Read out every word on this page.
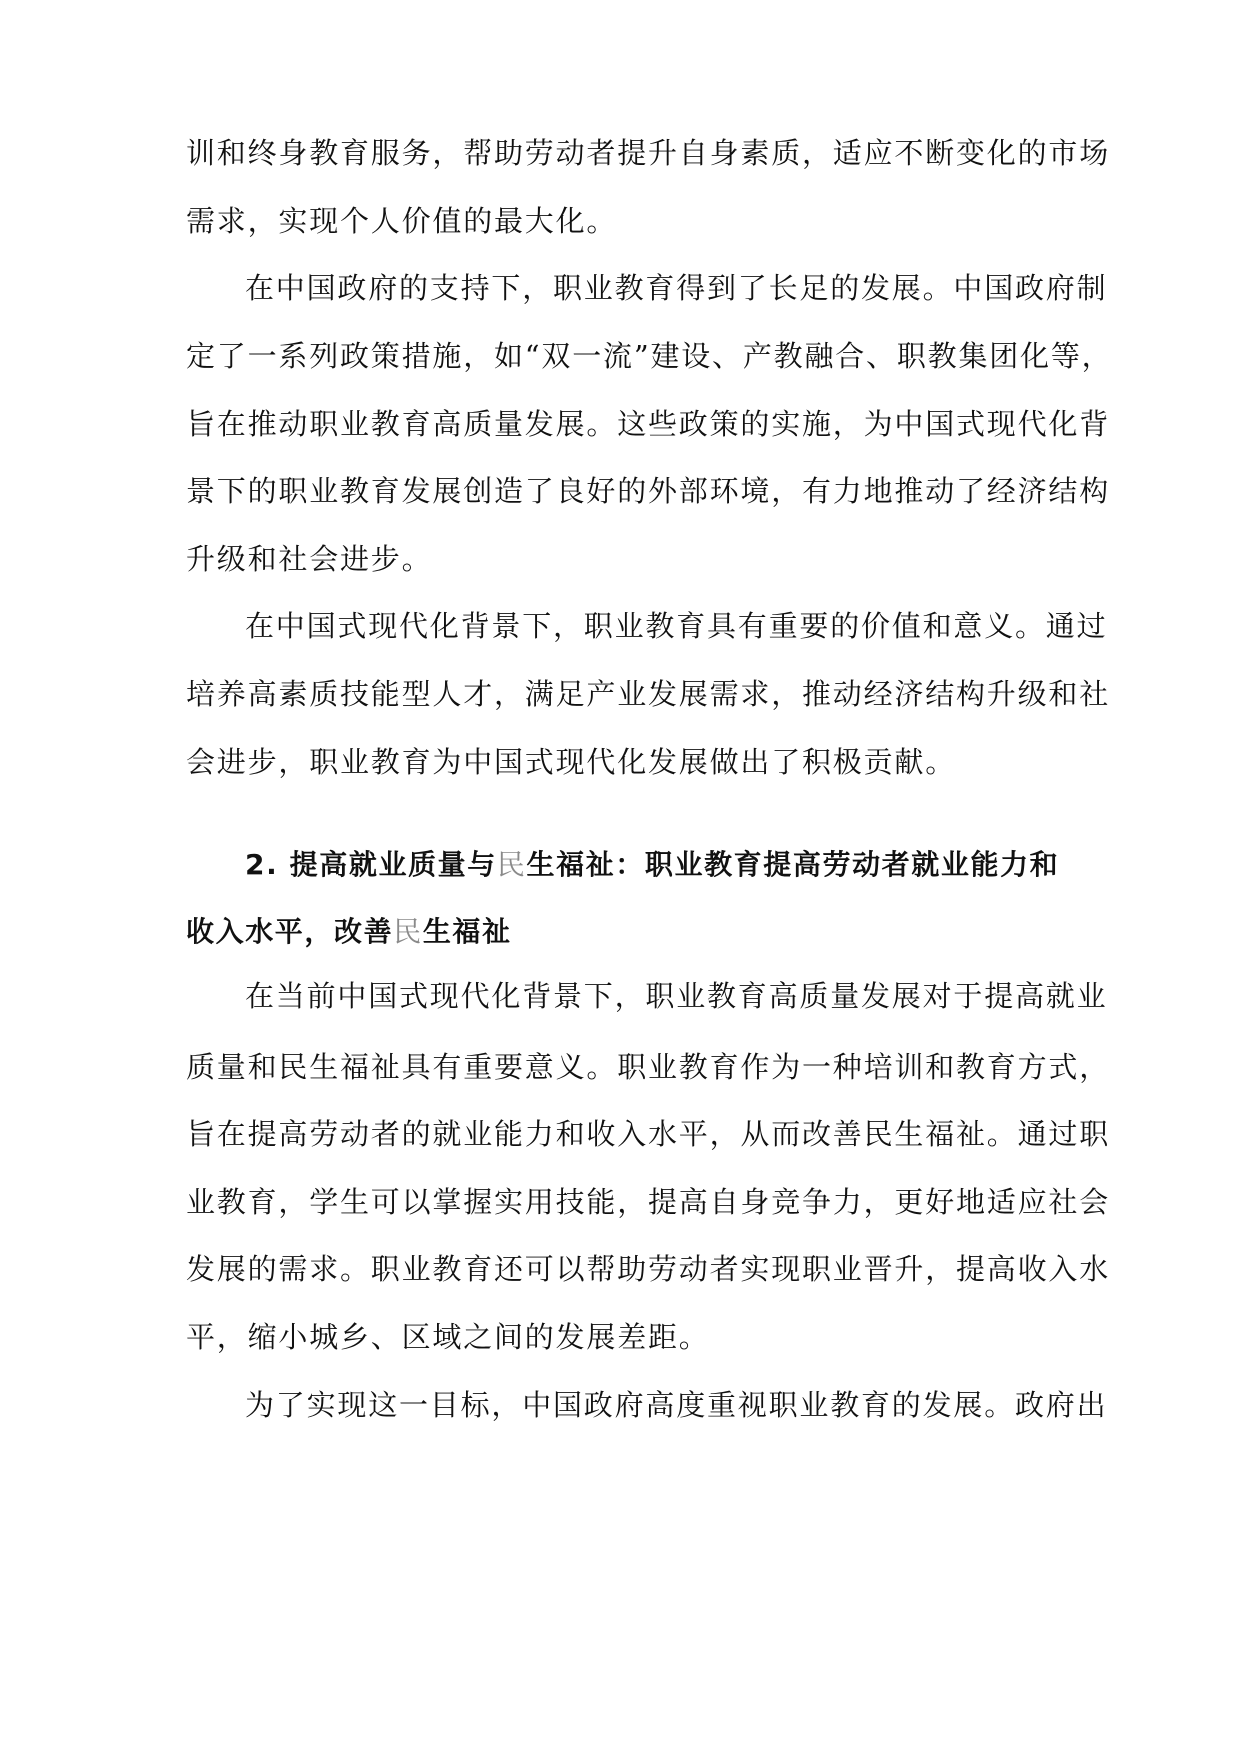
训和终身教育服务，帮助劳动者提升自身素质，适应不断变化的市场
需求，实现个人价值的最大化。
在中国政府的支持下，职业教育得到了长足的发展。中国政府制
定了一系列政策措施，如“双一流”建设、产教融合、职教集团化等，
旨在推动职业教育高质量发展。这些政策的实施，为中国式现代化背
景下的职业教育发展创造了良好的外部环境，有力地推动了经济结构
升级和社会进步。
在中国式现代化背景下，职业教育具有重要的价值和意义。通过
培养高素质技能型人才，满足产业发展需求，推动经济结构升级和社
会进步，职业教育为中国式现代化发展做出了积极贡献。
2. 提高就业质量与民生福祉：职业教育提高劳动者就业能力和
收入水平，改善民生福祉
在当前中国式现代化背景下，职业教育高质量发展对于提高就业
质量和民生福祉具有重要意义。职业教育作为一种培训和教育方式，
旨在提高劳动者的就业能力和收入水平，从而改善民生福祉。通过职
业教育，学生可以掌握实用技能，提高自身竞争力，更好地适应社会
发展的需求。职业教育还可以帮助劳动者实现职业晋升，提高收入水
平，缩小城乡、区域之间的发展差距。
为了实现这一目标，中国政府高度重视职业教育的发展。政府出
